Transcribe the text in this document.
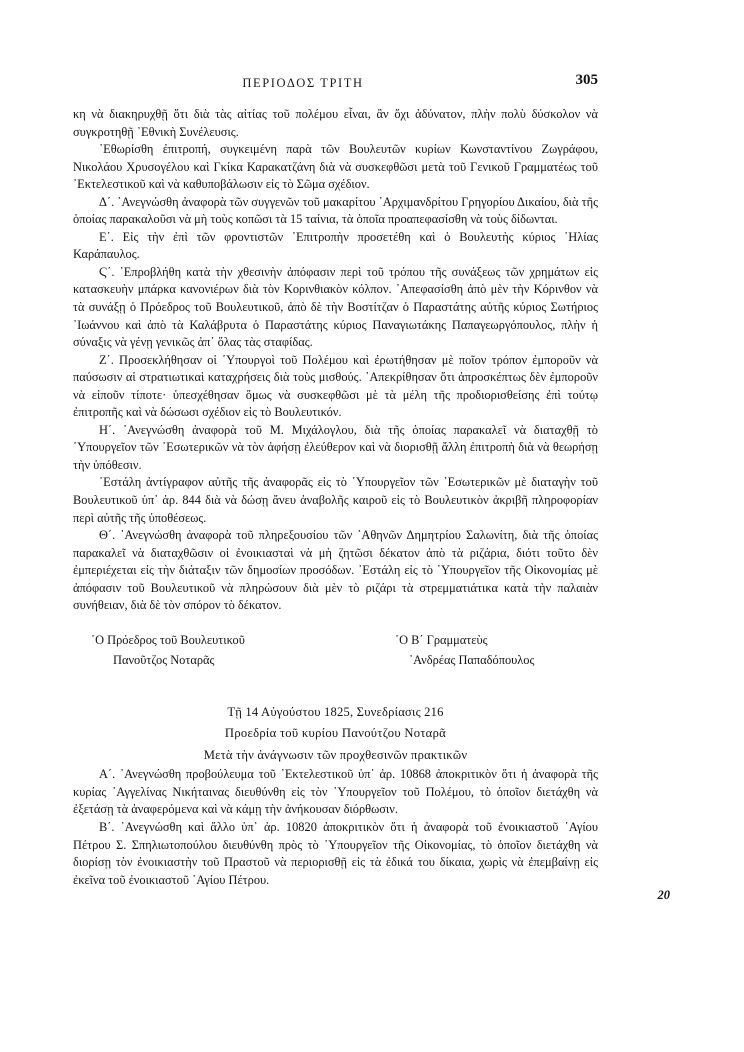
ΠΕΡΙΟΔΟΣ ΤΡΙΤΗ	305

κη νὰ διακηρυχθῇ ὅτι διὰ τὰς αἰτίας τοῦ πολέμου εἶναι, ἂν ὄχι ἀδύνατον, πλὴν πολὺ δύσκολον νὰ συγκροτηθῇ ᾿Εθνικὴ Συνέλευσις.

᾿Εθωρίσθη ἐπιτροπή, συγκειμένη παρὰ τῶν Βουλευτῶν κυρίων Κωνσταντίνου Ζωγράφου, Νικολάου Χρυσογέλου καὶ Γκίκα Καρακατζάνη διὰ νὰ συσκεφθῶσι μετὰ τοῦ Γενικοῦ Γραμματέως τοῦ ᾿Εκτελεστικοῦ καὶ νὰ καθυποβάλωσιν εἰς τὸ Σῶμα σχέδιον.

Δ΄. ᾿Ανεγνώσθη ἀναφορὰ τῶν συγγενῶν τοῦ μακαρίτου ᾿Αρχιμανδρίτου Γρηγορίου Δικαίου, διὰ τῆς ὁποίας παρακαλοῦσι νὰ μὴ τοὺς κοπῶσι τὰ 15 ταίνια, τὰ ὁποῖα προαπεφασίσθη νὰ τοὺς δίδωνται.

Ε΄. Εἰς τὴν ἐπὶ τῶν φροντιστῶν ᾿Επιτροπὴν προσετέθη καὶ ὁ Βουλευτὴς κύριος ῾Ηλίας Καράπαυλος.

Ϛ΄. ᾿Επροβλήθη κατὰ τὴν χθεσινὴν ἀπόφασιν περὶ τοῦ τρόπου τῆς συνάξεως τῶν χρημάτων εἰς κατασκευὴν μπάρκα κανονιέρων διὰ τὸν Κορινθιακὸν κόλπον. ᾿Απεφασίσθη ἀπὸ μὲν τὴν Κόρινθον νὰ τὰ συνάξῃ ὁ Πρόεδρος τοῦ Βουλευτικοῦ, ἀπὸ δὲ τὴν Βοστίτζαν ὁ Παραστάτης αὐτῆς κύριος Σωτήριος ᾿Ιωάννου καὶ ἀπὸ τὰ Καλάβρυτα ὁ Παραστάτης κύριος Παναγιωτάκης Παπαγεωργόπουλος, πλὴν ἡ σύναξις νὰ γένῃ γενικῶς ἀπ᾿ ὅλας τὰς σταφίδας.

Ζ΄. Προσεκλήθησαν οἱ ῾Υπουργοὶ τοῦ Πολέμου καὶ ἐρωτήθησαν μὲ ποῖον τρόπον ἐμποροῦν νὰ παύσωσιν αἱ στρατιωτικαὶ καταχρήσεις διὰ τοὺς μισθούς. ᾿Απεκρίθησαν ὅτι ἀπροσκέπτως δὲν ἐμποροῦν νὰ εἰποῦν τίποτε· ὑπεσχέθησαν ὅμως νὰ συσκεφθῶσι μὲ τὰ μέλη τῆς προδιορισθείσης ἐπὶ τούτῳ ἐπιτροπῆς καὶ νὰ δώσωσι σχέδιον εἰς τὸ Βουλευτικόν.

Η΄. ᾿Ανεγνώσθη ἀναφορὰ τοῦ Μ. Μιχάλογλου, διὰ τῆς ὁποίας παρακαλεῖ νὰ διαταχθῇ τὸ ῾Υπουργεῖον τῶν ᾿Εσωτερικῶν νὰ τὸν ἀφήσῃ ἐλεύθερον καὶ νὰ διορισθῇ ἄλλη ἐπιτροπὴ διὰ νὰ θεωρήσῃ τὴν ὑπόθεσιν.

᾿Εστάλη ἀντίγραφον αὐτῆς τῆς ἀναφορᾶς εἰς τὸ ῾Υπουργεῖον τῶν ᾿Εσωτερικῶν μὲ διαταγὴν τοῦ Βουλευτικοῦ ὑπ᾿ ἀρ. 844 διὰ νὰ δώσῃ ἄνευ ἀναβολῆς καιροῦ εἰς τὸ Βουλευτικὸν ἀκριβῆ πληροφορίαν περὶ αὐτῆς τῆς ὑποθέσεως.

Θ΄. ᾿Ανεγνώσθη ἀναφορὰ τοῦ πληρεξουσίου τῶν ᾿Αθηνῶν Δημητρίου Σαλωνίτη, διὰ τῆς ὁποίας παρακαλεῖ νὰ διαταχθῶσιν οἱ ἐνοικιασταὶ νὰ μὴ ζητῶσι δέκατον ἀπὸ τὰ ριζάρια, διότι τοῦτο δὲν ἐμπεριέχεται εἰς τὴν διάταξιν τῶν δημοσίων προσόδων. ᾿Εστάλη εἰς τὸ ῾Υπουργεῖον τῆς Οἰκονομίας μὲ ἀπόφασιν τοῦ Βουλευτικοῦ νὰ πληρώσουν διὰ μὲν τὸ ριζάρι τὰ στρεμματιάτικα κατὰ τὴν παλαιὰν συνήθειαν, διὰ δὲ τὸν σπόρον τὸ δέκατον.

῾Ο Πρόεδρος τοῦ Βουλευτικοῦ
Πανοῦτζος Νοταρᾶς
῾Ο Β΄ Γραμματεὺς
᾿Ανδρέας Παπαδόπουλος
Τῇ 14 Αὐγούστου 1825, Συνεδρίασις 216
Προεδρία τοῦ κυρίου Πανούτζου Νοταρᾶ
Μετὰ τὴν ἀνάγνωσιν τῶν προχθεσινῶν πρακτικῶν

Α΄. ᾿Ανεγνώσθη προβούλευμα τοῦ ᾿Εκτελεστικοῦ ὑπ᾿ ἀρ. 10868 ἀποκριτικὸν ὅτι ἡ ἀναφορὰ τῆς κυρίας ᾿Αγγελίνας Νικήταινας διευθύνθη εἰς τὸν ῾Υπουργεῖον τοῦ Πολέμου, τὸ ὁποῖον διετάχθη νὰ ἐξετάσῃ τὰ ἀναφερόμενα καὶ νὰ κάμῃ τὴν ἀνήκουσαν διόρθωσιν.

Β΄. ᾿Ανεγνώσθη καὶ ἄλλο ὑπ᾿ ἀρ. 10820 ἀποκριτικὸν ὅτι ἡ ἀναφορὰ τοῦ ἐνοικιαστοῦ ῾Αγίου Πέτρου Σ. Σπηλιωτοπούλου διευθύνθη πρὸς τὸ ῾Υπουργεῖον τῆς Οἰκονομίας, τὸ ὁποῖον διετάχθη νὰ διορίσῃ τὸν ἐνοικιαστὴν τοῦ Πραστοῦ νὰ περιορισθῇ εἰς τὰ ἐδικά του δίκαια, χωρὶς νὰ ἐπεμβαίνῃ εἰς ἐκεῖνα τοῦ ἐνοικιαστοῦ ῾Αγίου Πέτρου.

20
